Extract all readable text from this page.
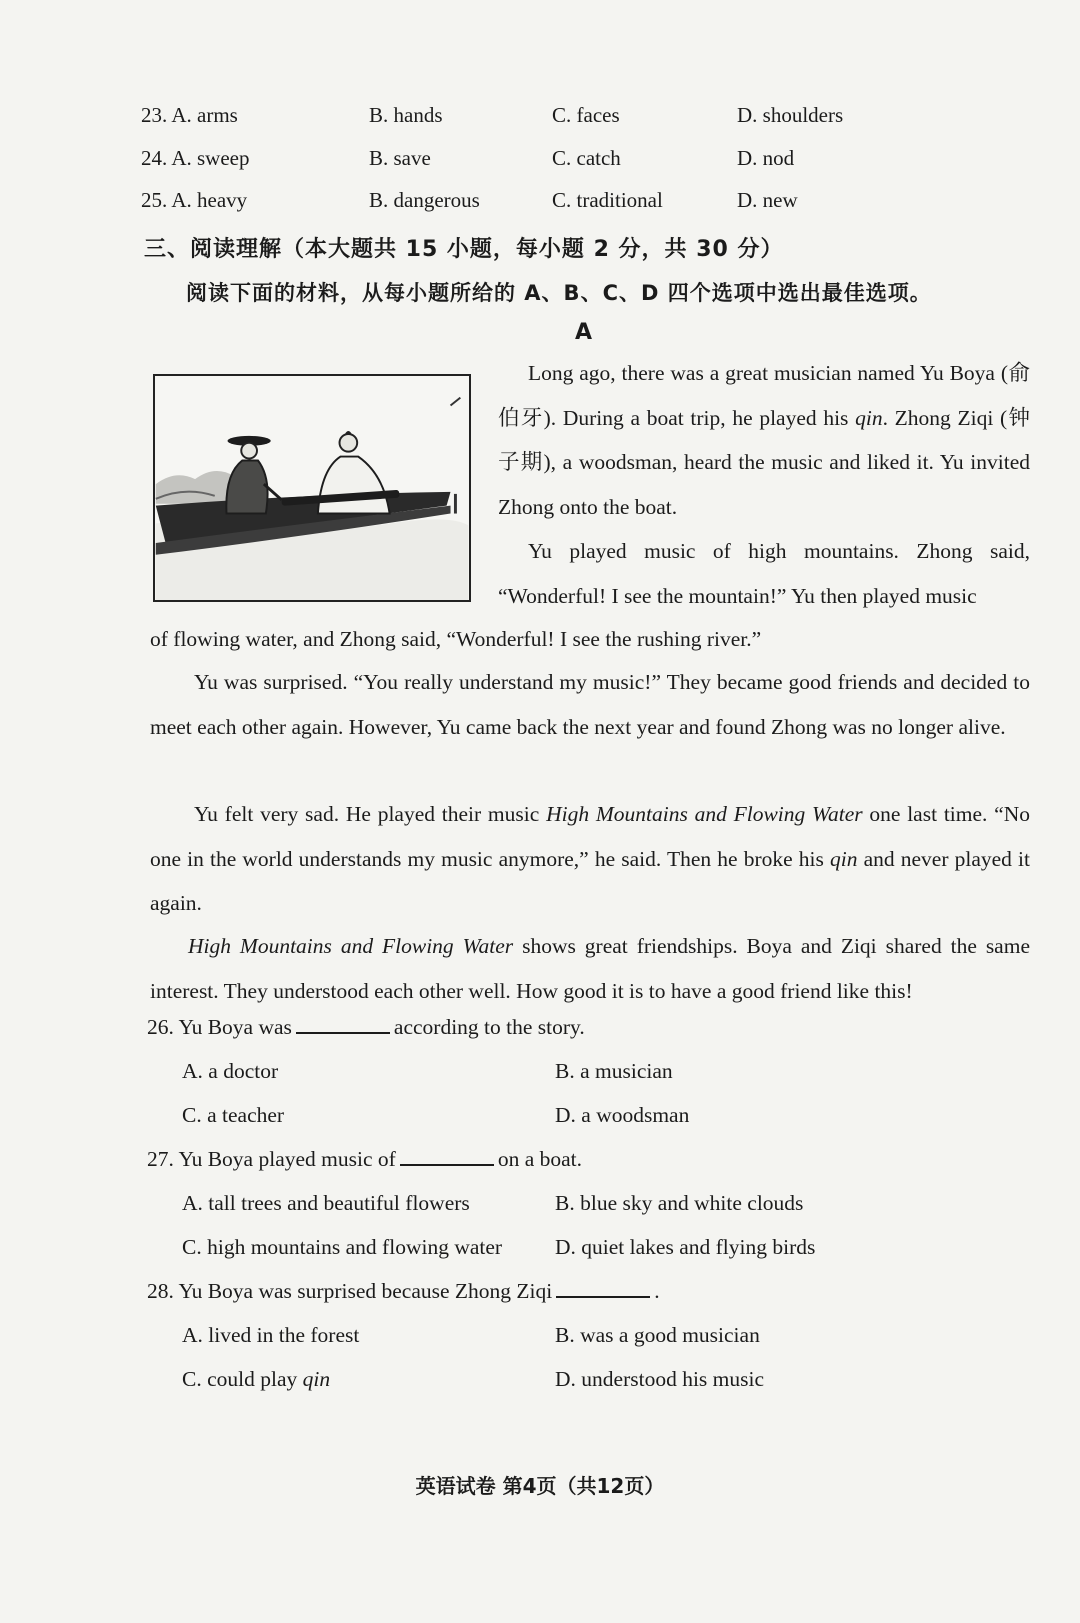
23. A. arms	B. hands	C. faces	D. shoulders
24. A. sweep	B. save	C. catch	D. nod
25. A. heavy	B. dangerous	C. traditional	D. new
三、阅读理解（本大题共 15 小题，每小题 2 分，共 30 分）
阅读下面的材料，从每小题所给的 A、B、C、D 四个选项中选出最佳选项。
A
Long ago, there was a great musician named Yu Boya (俞伯牙). During a boat trip, he played his qin. Zhong Ziqi (钟子期), a woodsman, heard the music and liked it. Yu invited Zhong onto the boat.
Yu played music of high mountains. Zhong said, “Wonderful! I see the mountain!” Yu then played music
of flowing water, and Zhong said, “Wonderful! I see the rushing river.”
Yu was surprised. “You really understand my music!” They became good friends and decided to meet each other again. However, Yu came back the next year and found Zhong was no longer alive.
Yu felt very sad. He played their music High Mountains and Flowing Water one last time. “No one in the world understands my music anymore,” he said. Then he broke his qin and never played it again.
High Mountains and Flowing Water shows great friendships. Boya and Ziqi shared the same interest. They understood each other well. How good it is to have a good friend like this!
26. Yu Boya was	according to the story.
A. a doctor	B. a musician
C. a teacher	D. a woodsman
27. Yu Boya played music of	on a boat.
A. tall trees and beautiful flowers	B. blue sky and white clouds
C. high mountains and flowing water D. quiet lakes and flying birds
28. Yu Boya was surprised because Zhong Ziqi	.
A. lived in the forest	B. was a good musician
C. could play qin	D. understood his music
英语试卷 第4页（共12页）
